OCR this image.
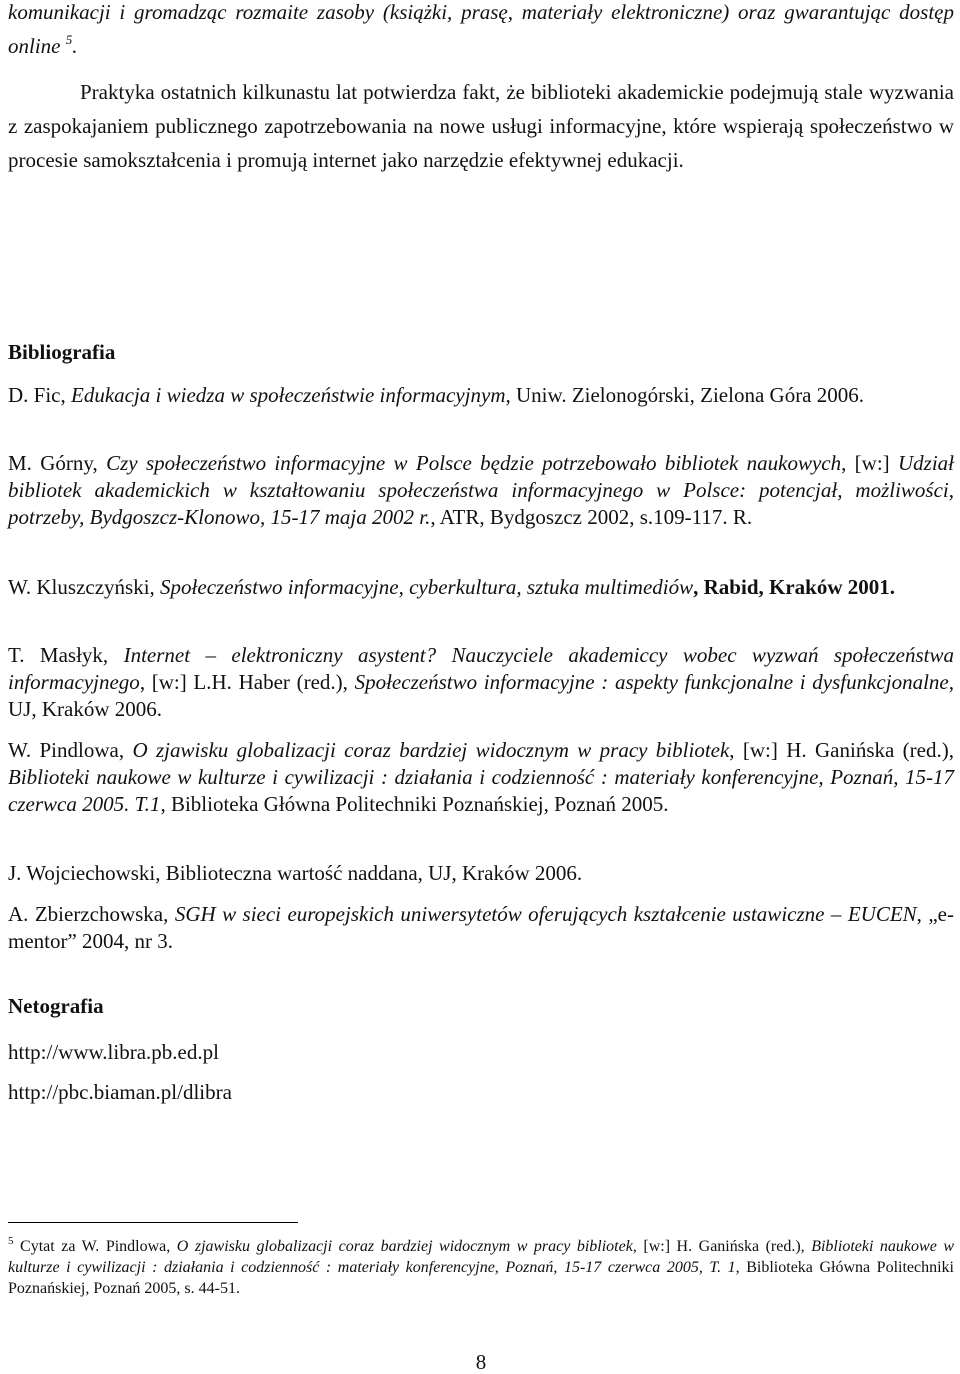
komunikacji i gromadząc rozmaite zasoby (książki, prasę, materiały elektroniczne) oraz gwarantując dostęp online $^5$.

Praktyka ostatnich kilkunastu lat potwierdza fakt, że biblioteki akademickie podejmują stale wyzwania z zaspokajaniem publicznego zapotrzebowania na nowe usługi informacyjne, które wspierają społeczeństwo w procesie samokształcenia i promują internet jako narzędzie efektywnej edukacji.

Bibliografia

D. Fic, Edukacja i wiedza w społeczeństwie informacyjnym, Uniw. Zielonogórski, Zielona Góra 2006.

M. Górny, Czy społeczeństwo informacyjne w Polsce będzie potrzebowało bibliotek naukowych, [w:] Udział bibliotek akademickich w kształtowaniu społeczeństwa informacyjnego w Polsce: potencjał, możliwości, potrzeby, Bydgoszcz-Klonowo, 15-17 maja 2002 r., ATR, Bydgoszcz 2002, s.109-117. R.

W. Kluszczyński, Społeczeństwo informacyjne, cyberkultura, sztuka multimediów, Rabid, Kraków 2001.

T. Masłyk, Internet – elektroniczny asystent? Nauczyciele akademiccy wobec wyzwań społeczeństwa informacyjnego, [w:] L.H. Haber (red.), Społeczeństwo informacyjne : aspekty funkcjonalne i dysfunkcjonalne, UJ, Kraków 2006.

W. Pindlowa, O zjawisku globalizacji coraz bardziej widocznym w pracy bibliotek, [w:] H. Ganińska (red.), Biblioteki naukowe w kulturze i cywilizacji : działania i codzienność : materiały konferencyjne, Poznań, 15-17 czerwca 2005. T.1, Biblioteka Główna Politechniki Poznańskiej, Poznań 2005.

J. Wojciechowski, Biblioteczna wartość naddana, UJ, Kraków 2006.

A. Zbierzchowska, SGH w sieci europejskich uniwersytetów oferujących kształcenie ustawiczne – EUCEN, „e-mentor” 2004, nr 3.

Netografia

http://www.libra.pb.ed.pl

http://pbc.biaman.pl/dlibra

$^5$ Cytat za W. Pindlowa, O zjawisku globalizacji coraz bardziej widocznym w pracy bibliotek, [w:] H. Ganińska (red.), Biblioteki naukowe w kulturze i cywilizacji : działania i codzienność : materiały konferencyjne, Poznań, 15-17 czerwca 2005, T. 1, Biblioteka Główna Politechniki Poznańskiej, Poznań 2005, s. 44-51.

8
